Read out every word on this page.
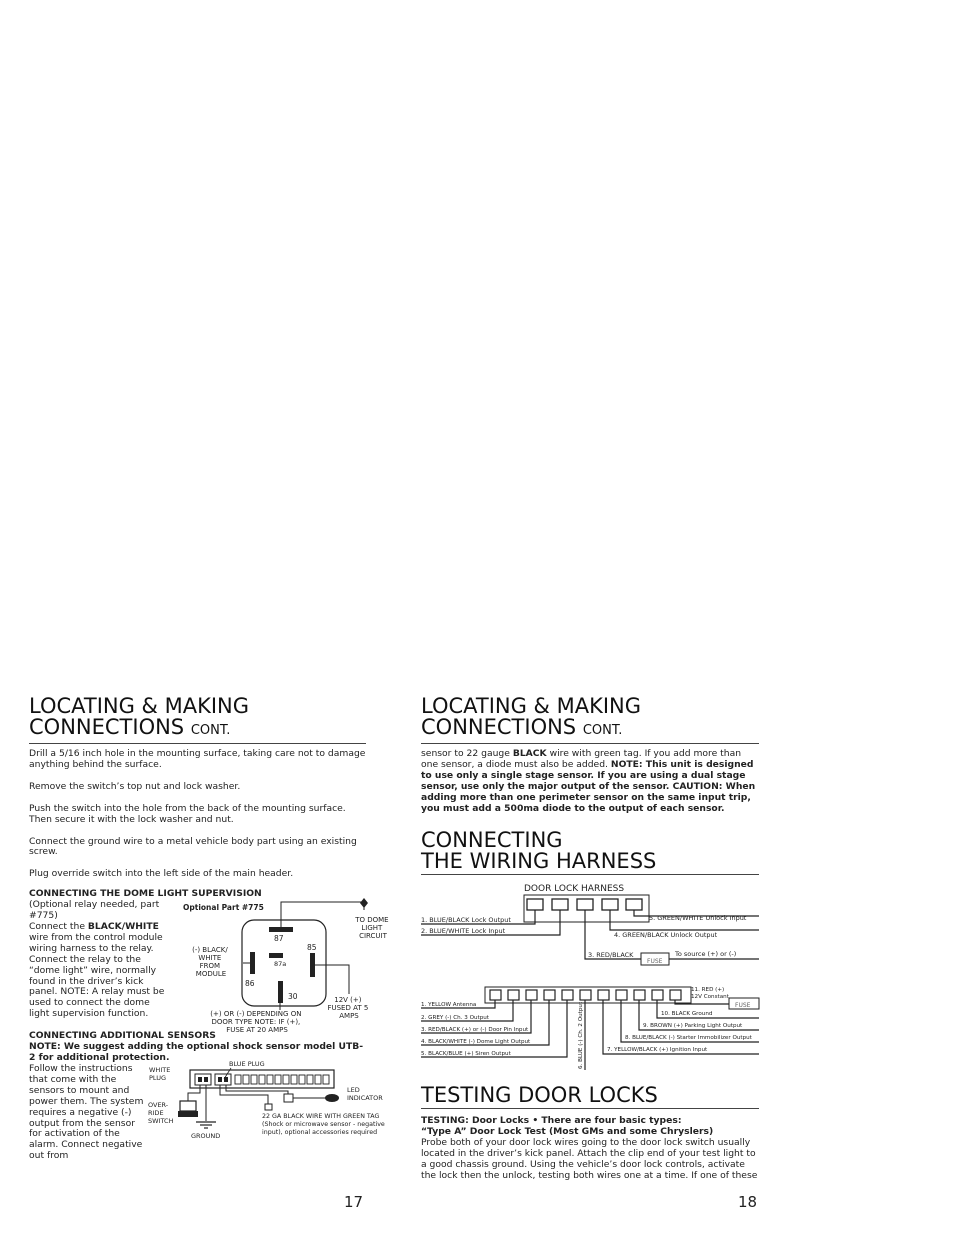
LOCATING & MAKING
CONNECTIONS CONT.

Drill a 5/16 inch hole in the mounting surface, taking care not to damage anything behind the surface.

Remove the switch’s top nut and lock washer.

Push the switch into the hole from the back of the mounting surface. Then secure it with the lock washer and nut.

Connect the ground wire to a metal vehicle body part using an existing screw.

Plug override switch into the left side of the main header.

CONNECTING THE DOME LIGHT SUPERVISION

(Optional relay needed, part #775)

Connect the BLACK/WHITE wire from the control module wiring harness to the relay. Connect the relay to the “dome light” wire, normally found in the driver’s kick panel. NOTE: A relay must be used to connect the dome light supervision function.

Optional Part #775
87
85
87a
86
30
TO DOME LIGHT CIRCUIT
(-) BLACK/ WHITE FROM MODULE
12V (+) FUSED AT 5 AMPS
(+) OR (-) DEPENDING ON DOOR TYPE NOTE: IF (+), FUSE AT 20 AMPS
CONNECTING ADDITIONAL SENSORS

NOTE: We suggest adding the optional shock sensor model UTB-2 for additional protection.

Follow the instructions that come with the sensors to mount and power them. The system requires a negative (-) output from the sensor for activation of the alarm. Connect negative out from

BLUE PLUG
WHITE PLUG
OVER- RIDE SWITCH
GROUND
LED INDICATOR
22 GA BLACK WIRE WITH GREEN TAG (Shock or microwave sensor - negative input), optional accessories required
17
LOCATING & MAKING
CONNECTIONS CONT.

sensor to 22 gauge BLACK wire with green tag. If you add more than one sensor, a diode must also be added. NOTE: This unit is designed to use only a single stage sensor. If you are using a dual stage sensor, use only the major output of the sensor. CAUTION: When adding more than one perimeter sensor on the same input trip, you must add a 500ma diode to the output of each sensor.

CONNECTING
THE WIRING HARNESS
DOOR LOCK HARNESS
FUSE
1. BLUE/BLACK Lock Output
2. BLUE/WHITE Lock Input
3. RED/BLACK
4. GREEN/BLACK Unlock Output
5. GREEN/WHITE Unlock Input
To source (+) or (-)
FUSE
1. YELLOW Antenna
2. GREY (-) Ch. 3 Output
3. RED/BLACK (+) or (-) Door Pin Input
4. BLACK/WHITE (-) Dome Light Output
5. BLACK/BLUE (+) Siren Output	6. BLUE (-) Ch. 2 Output	7. YELLOW/BLACK (+) Ignition Input
8. BLUE/BLACK (-) Starter Immobilizer Output
9. BROWN (+) Parking Light Output
10. BLACK Ground
11. RED (+) 12V Constant
TESTING DOOR LOCKS
TESTING: Door Locks • There are four basic types:
“Type A” Door Lock Test (Most GMs and some Chryslers)

Probe both of your door lock wires going to the door lock switch usually located in the driver’s kick panel. Attach the clip end of your test light to a good chassis ground. Using the vehicle’s door lock controls, activate the lock then the unlock, testing both wires one at a time. If one of these

18
